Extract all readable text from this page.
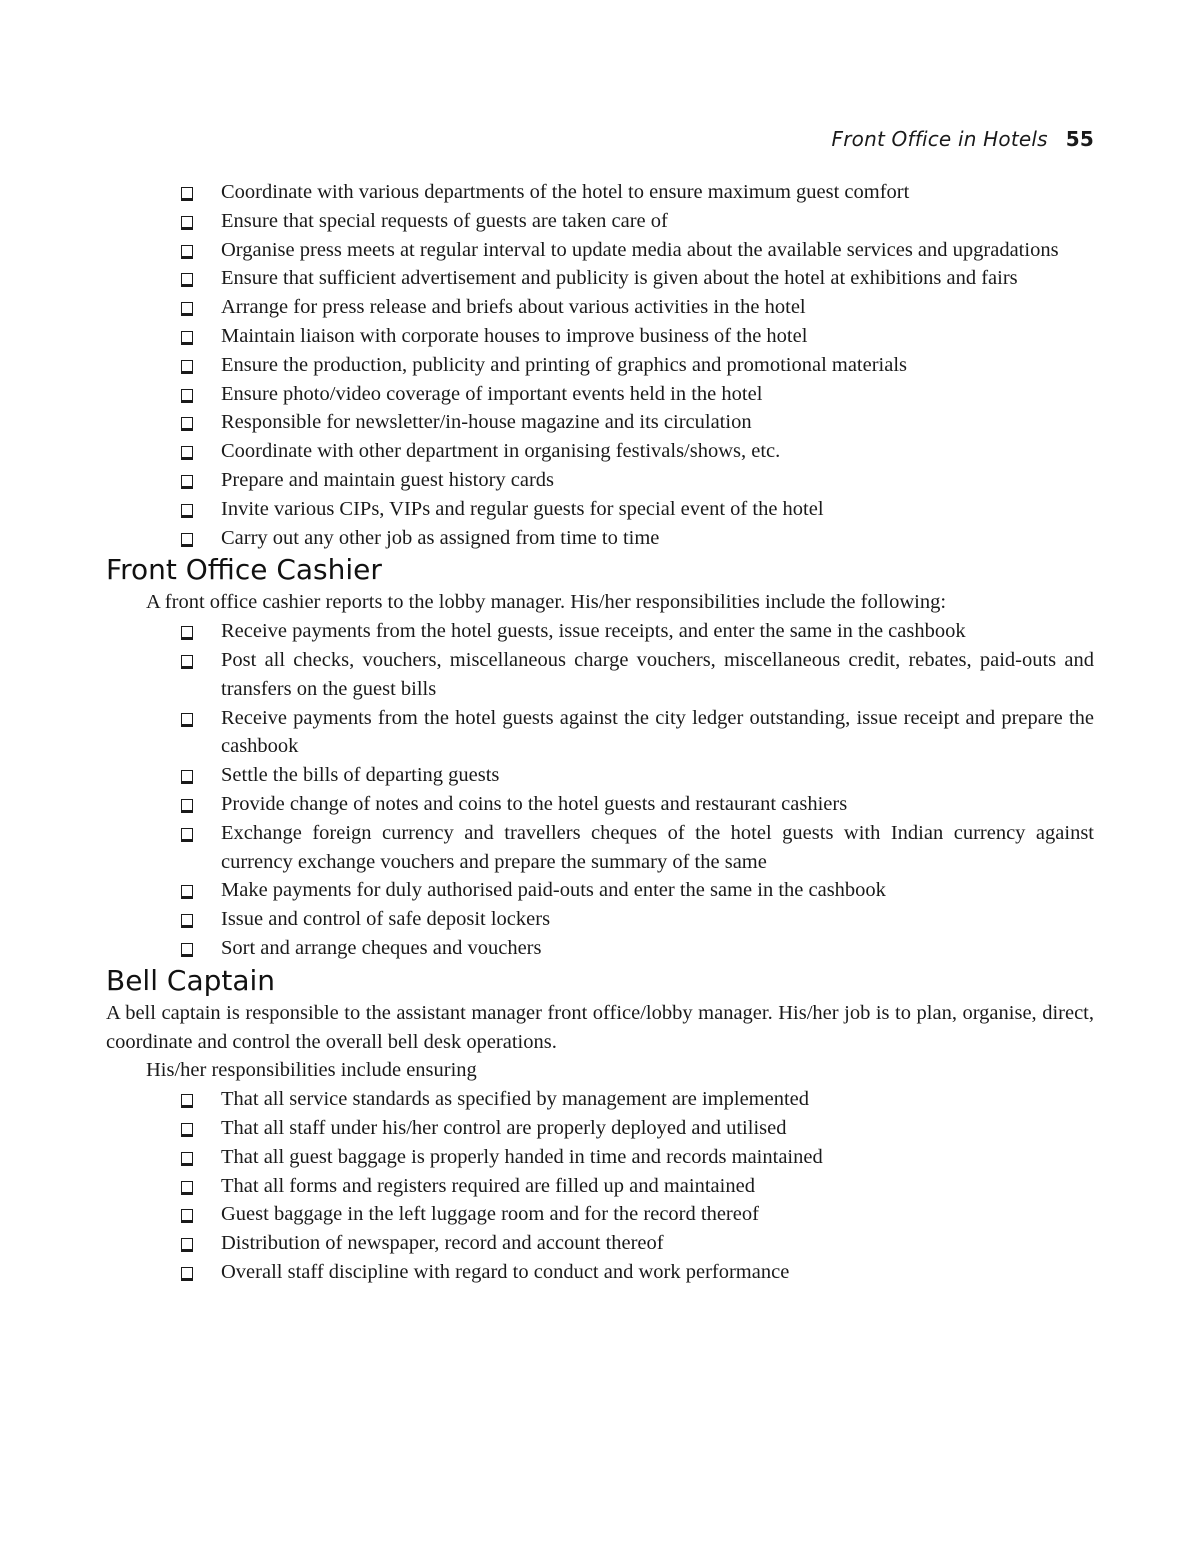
Front Office in Hotels 55
Coordinate with various departments of the hotel to ensure maximum guest comfort
Ensure that special requests of guests are taken care of
Organise press meets at regular interval to update media about the available services and upgradations
Ensure that sufficient advertisement and publicity is given about the hotel at exhibitions and fairs
Arrange for press release and briefs about various activities in the hotel
Maintain liaison with corporate houses to improve business of the hotel
Ensure the production, publicity and printing of graphics and promotional materials
Ensure photo/video coverage of important events held in the hotel
Responsible for newsletter/in-house magazine and its circulation
Coordinate with other department in organising festivals/shows, etc.
Prepare and maintain guest history cards
Invite various CIPs, VIPs and regular guests for special event of the hotel
Carry out any other job as assigned from time to time
Front Office Cashier

A front office cashier reports to the lobby manager. His/her responsibilities include the following:

Receive payments from the hotel guests, issue receipts, and enter the same in the cashbook
Post all checks, vouchers, miscellaneous charge vouchers, miscellaneous credit, rebates, paid-outs and transfers on the guest bills
Receive payments from the hotel guests against the city ledger outstanding, issue receipt and prepare the cashbook
Settle the bills of departing guests
Provide change of notes and coins to the hotel guests and restaurant cashiers
Exchange foreign currency and travellers cheques of the hotel guests with Indian currency against currency exchange vouchers and prepare the summary of the same
Make payments for duly authorised paid-outs and enter the same in the cashbook
Issue and control of safe deposit lockers
Sort and arrange cheques and vouchers
Bell Captain

A bell captain is responsible to the assistant manager front office/lobby manager. His/her job is to plan, organise, direct, coordinate and control the overall bell desk operations.

His/her responsibilities include ensuring

That all service standards as specified by management are implemented
That all staff under his/her control are properly deployed and utilised
That all guest baggage is properly handed in time and records maintained
That all forms and registers required are filled up and maintained
Guest baggage in the left luggage room and for the record thereof
Distribution of newspaper, record and account thereof
Overall staff discipline with regard to conduct and work performance
